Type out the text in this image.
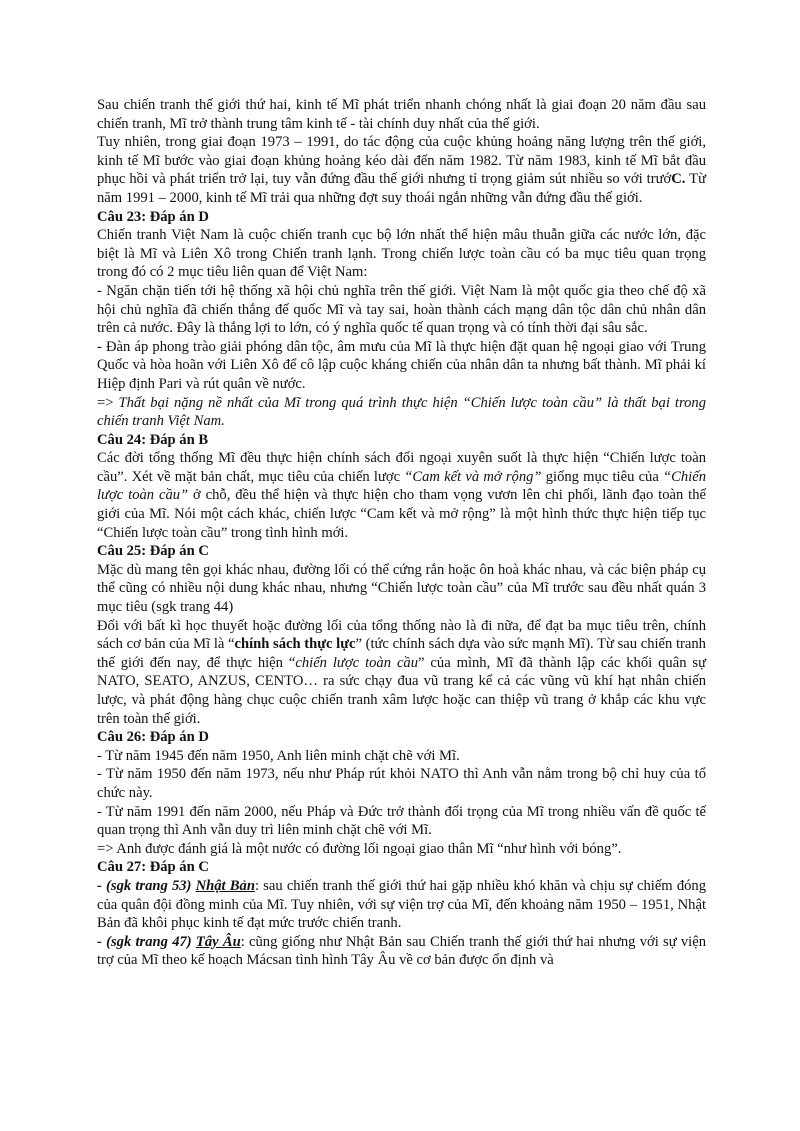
Sau chiến tranh thế giới thứ hai, kinh tế Mĩ phát triển nhanh chóng nhất là giai đoạn 20 năm đầu sau chiến tranh, Mĩ trở thành trung tâm kinh tế - tài chính duy nhất của thế giới.

Tuy nhiên, trong giai đoạn 1973 – 1991, do tác động của cuộc khủng hoảng năng lượng trên thế giới, kinh tế Mĩ bước vào giai đoạn khủng hoảng kéo dài đến năm 1982. Từ năm 1983, kinh tế Mĩ bắt đầu phục hồi và phát triển trở lại, tuy vẫn đứng đầu thế giới nhưng tỉ trọng giảm sút nhiều so với trướC. Từ năm 1991 – 2000, kinh tế Mĩ trải qua những đợt suy thoái ngắn những vẫn đứng đầu thế giới.

Câu 23: Đáp án D

Chiến tranh Việt Nam là cuộc chiến tranh cục bộ lớn nhất thể hiện mâu thuẫn giữa các nước lớn, đặc biệt là Mĩ và Liên Xô trong Chiến tranh lạnh. Trong chiến lược toàn cầu có ba mục tiêu quan trọng trong đó có 2 mục tiêu liên quan để Việt Nam:

- Ngăn chặn tiến tới hệ thống xã hội chủ nghĩa trên thế giới. Việt Nam là một quốc gia theo chế độ xã hội chủ nghĩa đã chiến thắng đế quốc Mĩ và tay sai, hoàn thành cách mạng dân tộc dân chủ nhân dân trên cả nước. Đây là thắng lợi to lớn, có ý nghĩa quốc tế quan trọng và có tính thời đại sâu sắc.

- Đàn áp phong trào giải phóng dân tộc, âm mưu của Mĩ là thực hiện đặt quan hệ ngoại giao với Trung Quốc và hòa hoãn với Liên Xô để cô lập cuộc kháng chiến của nhân dân ta nhưng bất thành. Mĩ phải kí Hiệp định Pari và rút quân về nước.

=> Thất bại nặng nề nhất của Mĩ trong quá trình thực hiện “Chiến lược toàn cầu” là thất bại trong chiến tranh Việt Nam.

Câu 24: Đáp án B

Các đời tổng thống Mĩ đều thực hiện chính sách đối ngoại xuyên suốt là thực hiện “Chiến lược toàn cầu”. Xét về mặt bản chất, mục tiêu của chiến lược “Cam kết và mở rộng” giống mục tiêu của “Chiến lược toàn cầu” ở chỗ, đều thể hiện và thực hiện cho tham vọng vươn lên chi phối, lãnh đạo toàn thế giới của Mĩ. Nói một cách khác, chiến lược “Cam kết và mở rộng” là một hình thức thực hiện tiếp tục “Chiến lược toàn cầu” trong tình hình mới.

Câu 25: Đáp án C

Mặc dù mang tên gọi khác nhau, đường lối có thể cứng rắn hoặc ôn hoà khác nhau, và các biện pháp cụ thể cũng có nhiều nội dung khác nhau, nhưng “Chiến lược toàn cầu” của Mĩ trước sau đều nhất quán 3 mục tiêu (sgk trang 44)

Đối với bất kì học thuyết hoặc đường lối của tổng thống nào là đi nữa, để đạt ba mục tiêu trên, chính sách cơ bản của Mĩ là “chính sách thực lực” (tức chính sách dựa vào sức mạnh Mĩ). Từ sau chiến tranh thế giới đến nay, để thực hiện “chiến lược toàn cầu” của mình, Mĩ đã thành lập các khối quân sự NATO, SEATO, ANZUS, CENTO… ra sức chạy đua vũ trang kể cả các vũng vũ khí hạt nhân chiến lược, và phát động hàng chục cuộc chiến tranh xâm lược hoặc can thiệp vũ trang ở khắp các khu vực trên toàn thế giới.

Câu 26: Đáp án D

- Từ năm 1945 đến năm 1950, Anh liên minh chặt chẽ với Mĩ.

- Từ năm 1950 đến năm 1973, nếu như Pháp rút khỏi NATO thì Anh vẫn nằm trong bộ chỉ huy của tổ chức này.

- Từ năm 1991 đến năm 2000, nếu Pháp và Đức trở thành đối trọng của Mĩ trong nhiều vấn đề quốc tế quan trọng thì Anh vẫn duy trì liên minh chặt chẽ với Mĩ.

=> Anh được đánh giá là một nước có đường lối ngoại giao thân Mĩ “như hình với bóng”.

Câu 27: Đáp án C

- (sgk trang 53) Nhật Bản: sau chiến tranh thế giới thứ hai gặp nhiều khó khăn và chịu sự chiếm đóng của quân đội đồng minh của Mĩ. Tuy nhiên, với sự viện trợ của Mĩ, đến khoảng năm 1950 – 1951, Nhật Bản đã khôi phục kinh tế đạt mức trước chiến tranh.

- (sgk trang 47) Tây Âu: cũng giống như Nhật Bản sau Chiến tranh thế giới thứ hai nhưng với sự viện trợ của Mĩ theo kế hoạch Mácsan tình hình Tây Âu về cơ bản được ổn định và
